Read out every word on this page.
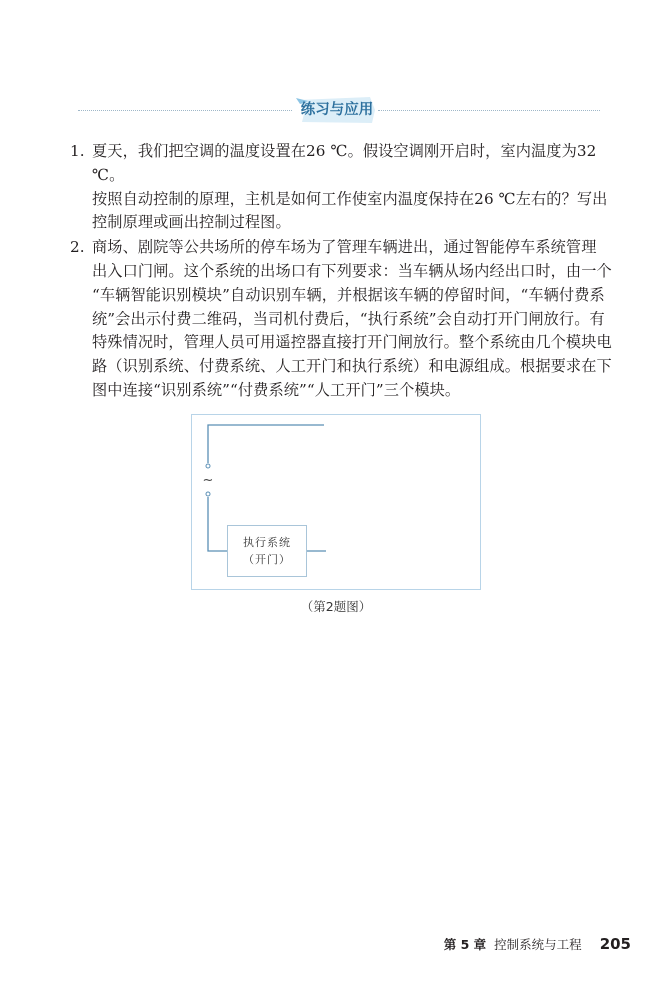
练习与应用
1. 夏天，我们把空调的温度设置在26 ℃。假设空调刚开启时，室内温度为32 ℃。
按照自动控制的原理，主机是如何工作使室内温度保持在26 ℃左右的？写出
控制原理或画出控制过程图。
2. 商场、剧院等公共场所的停车场为了管理车辆进出，通过智能停车系统管理
出入口门闸。这个系统的出场口有下列要求：当车辆从场内经出口时，由一个
“车辆智能识别模块”自动识别车辆，并根据该车辆的停留时间，“车辆付费系
统”会出示付费二维码，当司机付费后，“执行系统”会自动打开门闸放行。有
特殊情况时，管理人员可用遥控器直接打开门闸放行。整个系统由几个模块电
路（识别系统、付费系统、人工开门和执行系统）和电源组成。根据要求在下
图中连接“识别系统”“付费系统”“人工开门”三个模块。
~
执行系统
（开门）
（第2题图）
第 5 章 控制系统与工程 205
